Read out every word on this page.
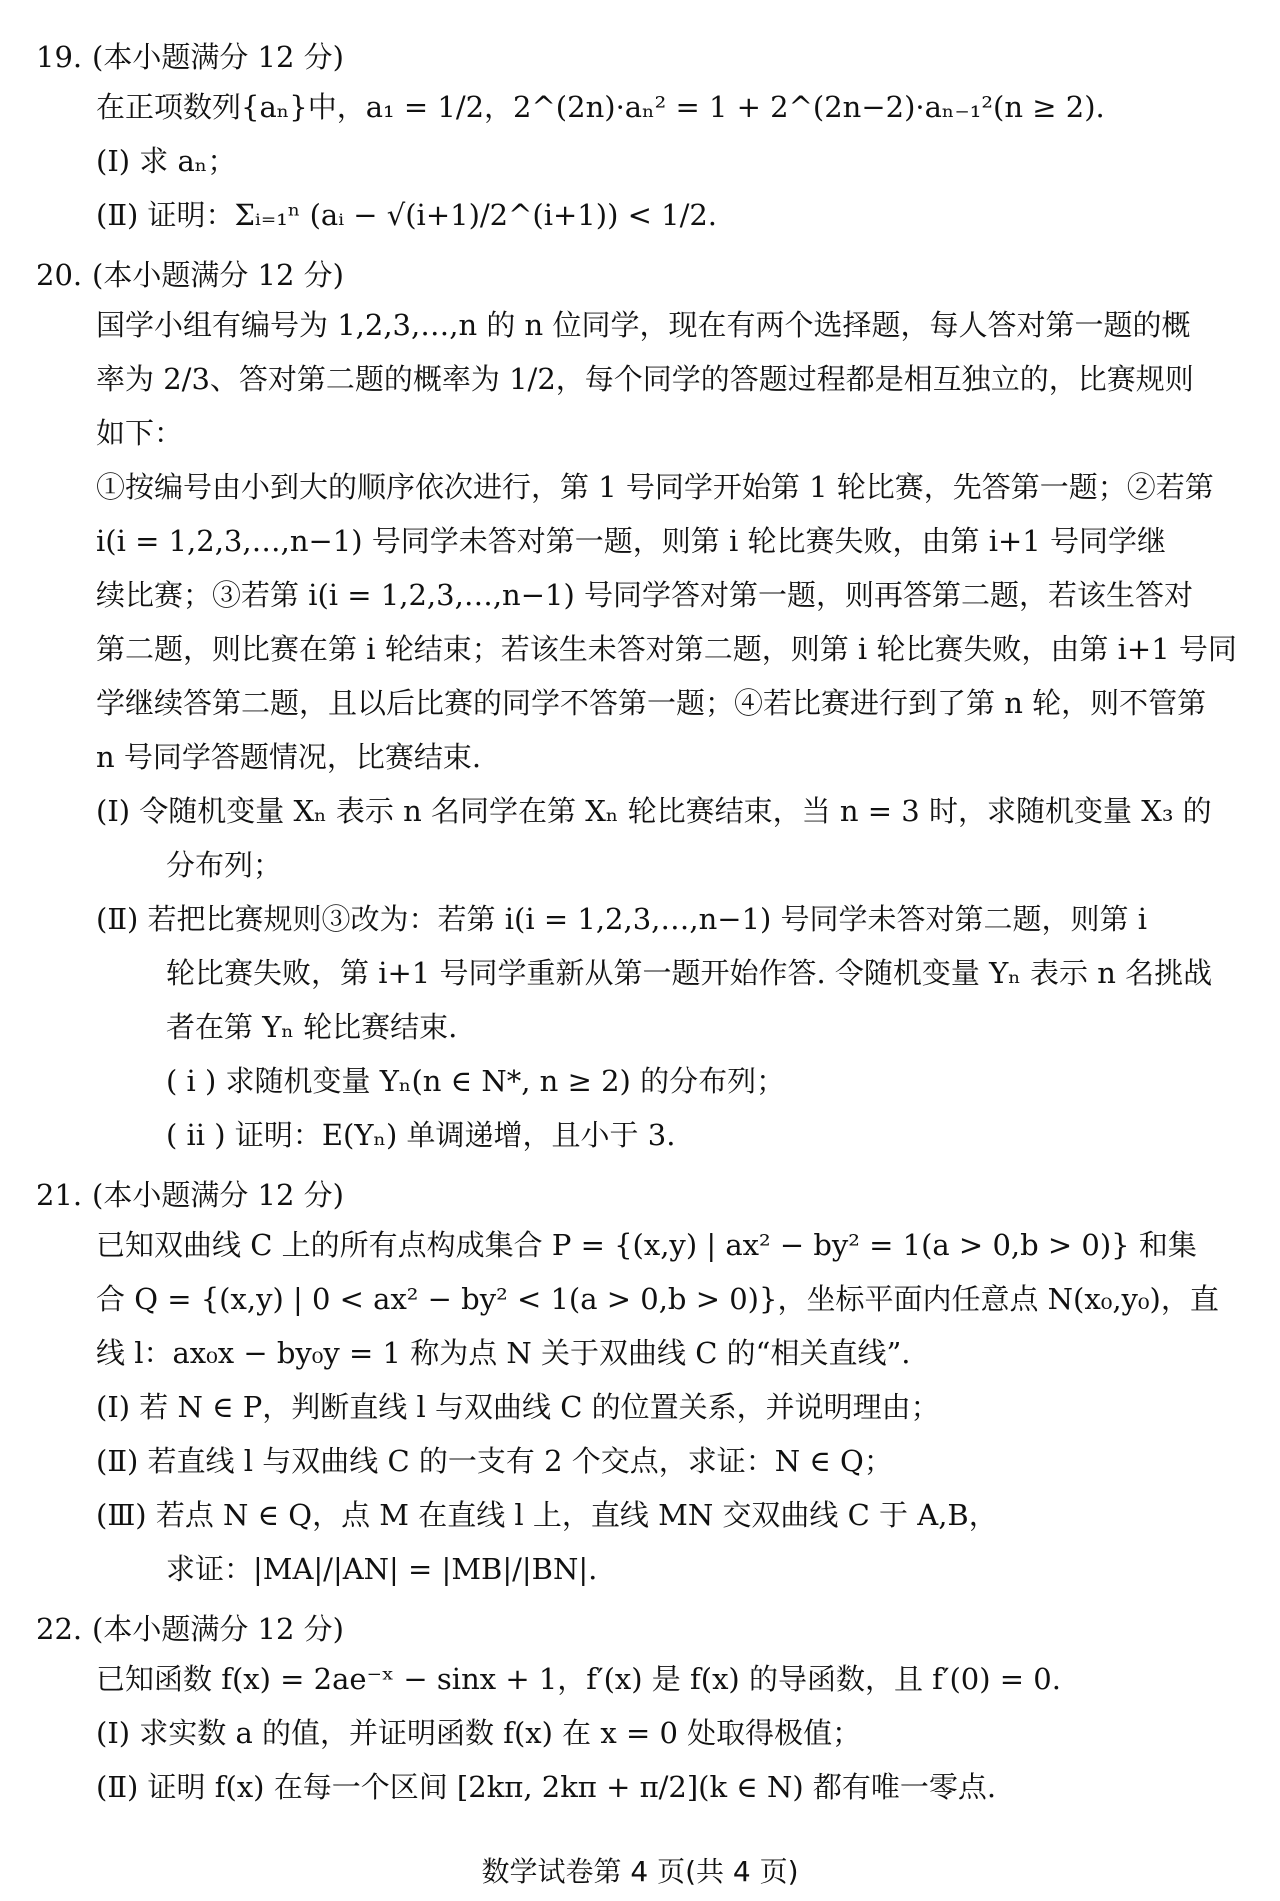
19. (本小题满分 12 分)
在正项数列{aₙ}中，a₁ = 1/2，2^(2n)·aₙ² = 1 + 2^(2n−2)·aₙ₋₁²(n ≥ 2).
(Ⅰ) 求 aₙ；
(Ⅱ) 证明：Σᵢ₌₁ⁿ (aᵢ − √(i+1)/2^(i+1)) < 1/2.
20. (本小题满分 12 分)
国学小组有编号为 1,2,3,…,n 的 n 位同学，现在有两个选择题，每人答对第一题的概
率为 2/3、答对第二题的概率为 1/2，每个同学的答题过程都是相互独立的，比赛规则
如下：
①按编号由小到大的顺序依次进行，第 1 号同学开始第 1 轮比赛，先答第一题；②若第
i(i = 1,2,3,…,n−1) 号同学未答对第一题，则第 i 轮比赛失败，由第 i+1 号同学继
续比赛；③若第 i(i = 1,2,3,…,n−1) 号同学答对第一题，则再答第二题，若该生答对
第二题，则比赛在第 i 轮结束；若该生未答对第二题，则第 i 轮比赛失败，由第 i+1 号同
学继续答第二题，且以后比赛的同学不答第一题；④若比赛进行到了第 n 轮，则不管第
n 号同学答题情况，比赛结束.
(Ⅰ) 令随机变量 Xₙ 表示 n 名同学在第 Xₙ 轮比赛结束，当 n = 3 时，求随机变量 X₃ 的
分布列；
(Ⅱ) 若把比赛规则③改为：若第 i(i = 1,2,3,…,n−1) 号同学未答对第二题，则第 i
轮比赛失败，第 i+1 号同学重新从第一题开始作答. 令随机变量 Yₙ 表示 n 名挑战
者在第 Yₙ 轮比赛结束.
( i ) 求随机变量 Yₙ(n ∈ N*, n ≥ 2) 的分布列；
( ii ) 证明：E(Yₙ) 单调递增，且小于 3.
21. (本小题满分 12 分)
已知双曲线 C 上的所有点构成集合 P = {(x,y) | ax² − by² = 1(a > 0,b > 0)} 和集
合 Q = {(x,y) | 0 < ax² − by² < 1(a > 0,b > 0)}，坐标平面内任意点 N(x₀,y₀)，直
线 l：ax₀x − by₀y = 1 称为点 N 关于双曲线 C 的“相关直线”.
(Ⅰ) 若 N ∈ P，判断直线 l 与双曲线 C 的位置关系，并说明理由；
(Ⅱ) 若直线 l 与双曲线 C 的一支有 2 个交点，求证：N ∈ Q；
(Ⅲ) 若点 N ∈ Q，点 M 在直线 l 上，直线 MN 交双曲线 C 于 A,B，
求证：|MA|/|AN| = |MB|/|BN|.
22. (本小题满分 12 分)
已知函数 f(x) = 2ae⁻ˣ − sinx + 1，f′(x) 是 f(x) 的导函数，且 f′(0) = 0.
(Ⅰ) 求实数 a 的值，并证明函数 f(x) 在 x = 0 处取得极值；
(Ⅱ) 证明 f(x) 在每一个区间 [2kπ, 2kπ + π/2](k ∈ N) 都有唯一零点.
数学试卷第 4 页(共 4 页)
